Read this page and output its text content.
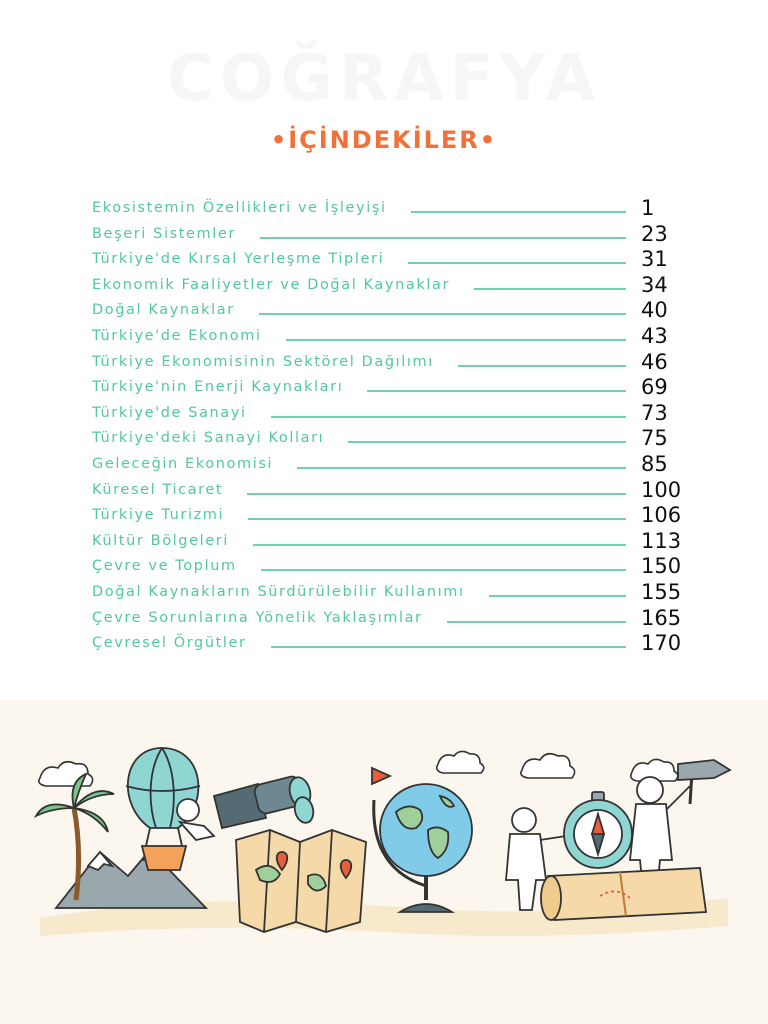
COĞRAFYA
•İÇİNDEKİLER•
Ekosistemin Özellikleri ve İşleyişi	1
Beşeri Sistemler	23
Türkiye'de Kırsal Yerleşme Tipleri	31
Ekonomik Faaliyetler ve Doğal Kaynaklar	34
Doğal Kaynaklar	40
Türkiye'de Ekonomi	43
Türkiye Ekonomisinin Sektörel Dağılımı	46
Türkiye'nin Enerji Kaynakları	69
Türkiye'de Sanayi	73
Türkiye'deki Sanayi Kolları	75
Geleceğin Ekonomisi	85
Küresel Ticaret	100
Türkiye Turizmi	106
Kültür Bölgeleri	113
Çevre ve Toplum	150
Doğal Kaynakların Sürdürülebilir Kullanımı	155
Çevre Sorunlarına Yönelik Yaklaşımlar	165
Çevresel Örgütler	170
